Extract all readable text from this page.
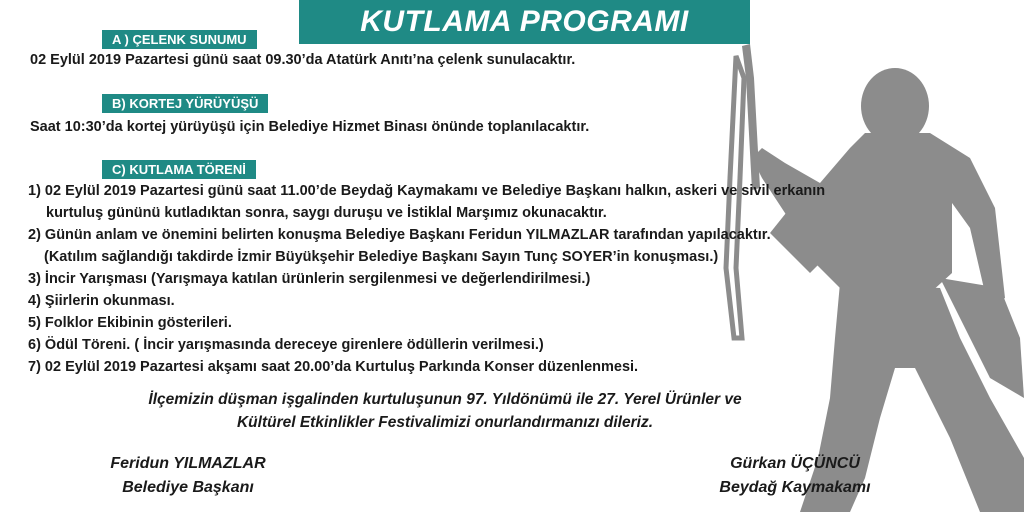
KUTLAMA PROGRAMI
A ) ÇELENK SUNUMU
02 Eylül 2019 Pazartesi günü saat 09.30’da Atatürk Anıtı’na çelenk sunulacaktır.
B) KORTEJ YÜRÜYÜŞÜ
Saat 10:30’da kortej yürüyüşü için Belediye Hizmet Binası önünde toplanılacaktır.
C) KUTLAMA TÖRENİ
1) 02 Eylül 2019 Pazartesi günü saat 11.00’de Beydağ Kaymakamı ve Belediye Başkanı halkın, askeri ve sivil erkanın
kurtuluş gününü kutladıktan sonra, saygı duruşu ve İstiklal Marşımız okunacaktır.
2) Günün anlam ve önemini belirten konuşma Belediye Başkanı Feridun YILMAZLAR tarafından yapılacaktır.
(Katılım sağlandığı takdirde İzmir Büyükşehir Belediye Başkanı Sayın Tunç SOYER’in konuşması.)
3) İncir Yarışması (Yarışmaya katılan ürünlerin sergilenmesi ve değerlendirilmesi.)
4) Şiirlerin okunması.
5) Folklor Ekibinin gösterileri.
6) Ödül Töreni. ( İncir yarışmasında dereceye girenlere ödüllerin verilmesi.)
7) 02 Eylül 2019 Pazartesi akşamı saat 20.00’da Kurtuluş Parkında Konser düzenlenmesi.
İlçemizin düşman işgalinden kurtuluşunun 97. Yıldönümü ile 27. Yerel Ürünler ve
Kültürel Etkinlikler Festivalimizi onurlandırmanızı dileriz.
Feridun YILMAZLAR
Belediye Başkanı
Gürkan ÜÇÜNCÜ
Beydağ Kaymakamı
